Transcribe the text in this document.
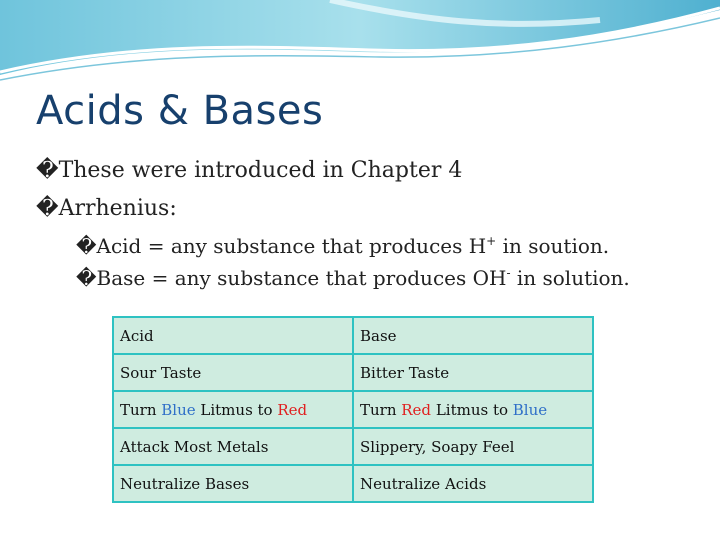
Acids & Bases
�These were introduced in Chapter 4
�Arrhenius:
�Acid = any substance that produces H+ in soution.
�Base = any substance that produces OH- in solution.
Acid	Base
Sour Taste	Bitter Taste
Turn Blue Litmus to Red	Turn Red Litmus to Blue
Attack Most Metals	Slippery, Soapy Feel
Neutralize Bases	Neutralize Acids
